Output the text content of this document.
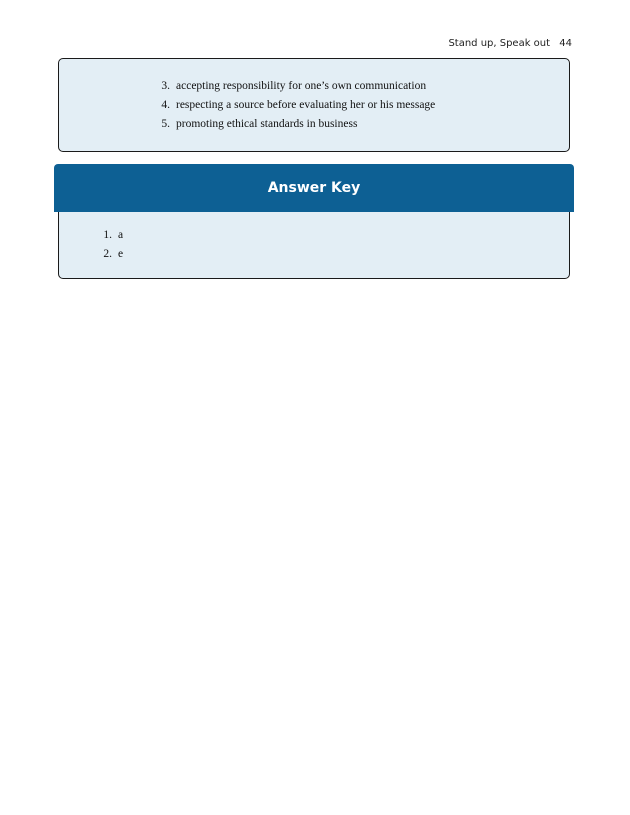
Stand up, Speak out 44
3. accepting responsibility for one’s own communication
4. respecting a source before evaluating her or his message
5. promoting ethical standards in business
Answer Key
1. a
2. e
